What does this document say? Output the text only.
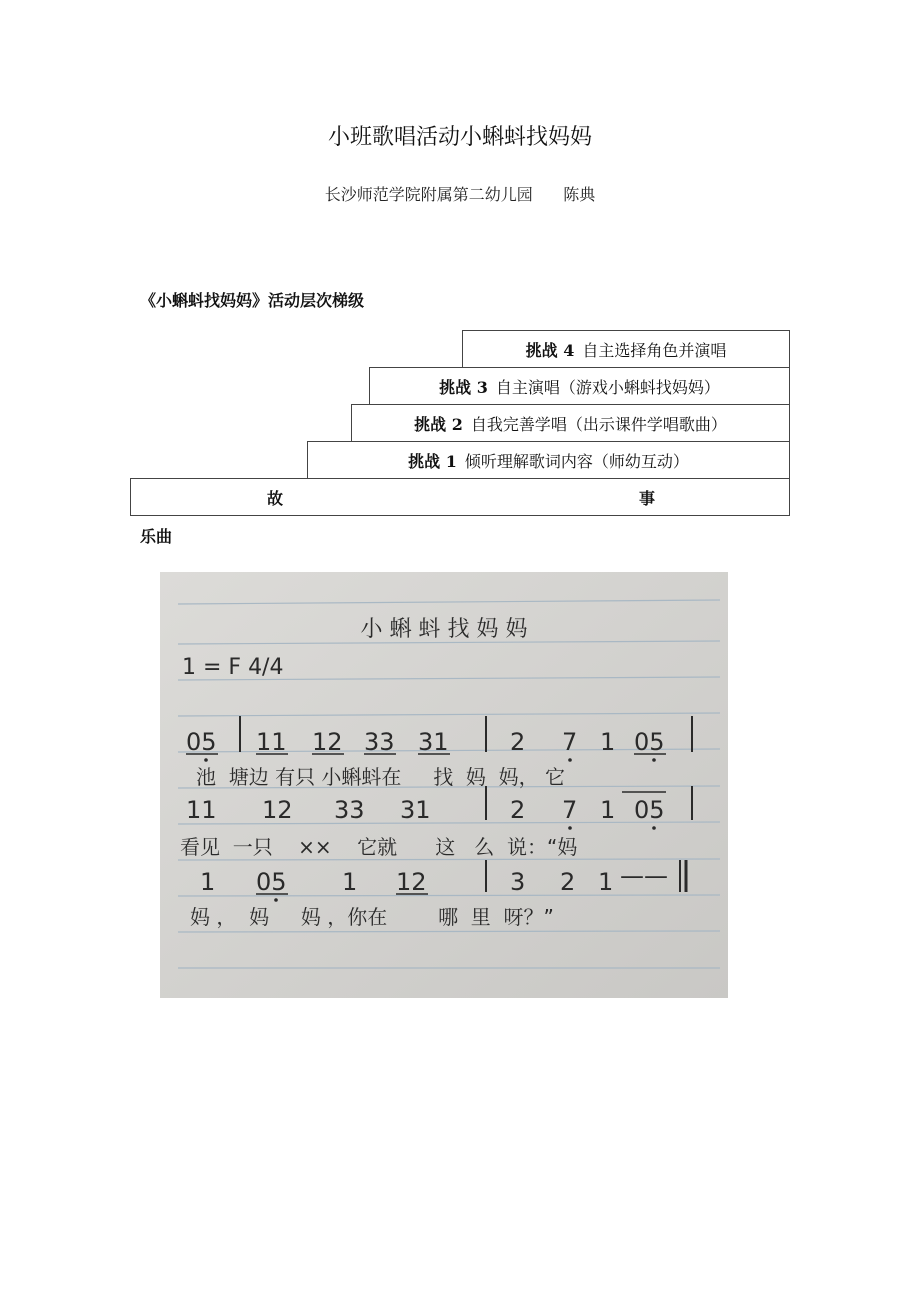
小班歌唱活动小蝌蚪找妈妈
长沙师范学院附属第二幼儿园      陈典
《小蝌蚪找妈妈》活动层次梯级
挑战 4 自主选择角色并演唱
挑战 3 自主演唱（游戏小蝌蚪找妈妈）
挑战 2 自我完善学唱（出示课件学唱歌曲）
挑战 1 倾听理解歌词内容（师幼互动）
故	事
乐曲
小 蝌 蚪 找 妈 妈
1 = F 4/4
05 11 12 33 31	2 7 1 05
池  塘边 有只 小蝌蚪在     找  妈  妈， 它
11 12 33 31	2 7 1 05
看见  一只    ××    它就      这   么  说：“妈
1 05 1 12	3 2 1 ——
妈 ，  妈     妈 ，你在        哪  里  呀？”
